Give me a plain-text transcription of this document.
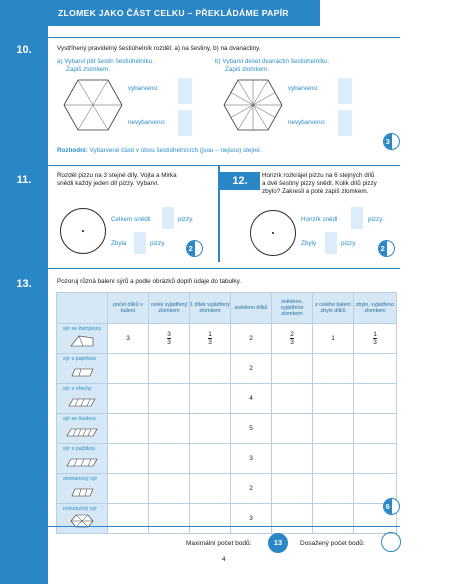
ZLOMEK JAKO ČÁST CELKU – PŘEKLÁDÁME PAPÍR
10.	Vystříhený pravidelný šestiúhelník rozděl: a) na šestiny, b) na dvanáctiny.
a) Vybarvi pět šestin šestiúhelníku.
Zapiš zlomkem.
b) Vybarvi deset dvanáctin šestiúhelníku.
Zapiš zlomkem.
vybarveno:
nevybarveno:
vybarveno:
nevybarveno:
Rozhodni: Vybarvené části v obou šestiúhelnících (jsou – nejsou) stejné.
3
11.	Rozděl pizzu na 3 stejné díly. Vojta a Mirka
snědli každý jeden díl pizzy. Vybarvi.
Celkem snědli	pizzy.
Zbyla	pizzy.
2
12.	Honzík rozkrájel pizzu na 6 stejných dílů
a dvě šestiny pizzy snědl. Kolik dílů pizzy
zbylo? Zakresli a poté zapiš zlomkem.
Honzík snědl	pizzy.
Zbyly	pizzy.
2
13.	Pozoruj různá balení sýrů a podle obrázků doplň údaje do tabulky.
	počet dílků v balení	celek vyjádřený zlomkem	1 dílek vyjádřený zlomkem	snědeno dílků	snědeno, vyjádřeno zlomkem	z celého balení zbylo dílků	zbylo, vyjádřeno zlomkem

sýr se žampiony	3	$\frac{3}{3}$	$\frac{1}{3}$	2	$\frac{2}{3}$	1	$\frac{1}{3}$

sýr s paprikou				2			

sýr s ořechy				4			

sýr se šunkou				5			

sýr s pažitkou				3			

smetanový sýr				2			

nízkotučný sýr				3			
6
Maximální počet bodů:	13	Dosažený počet bodů:
4
